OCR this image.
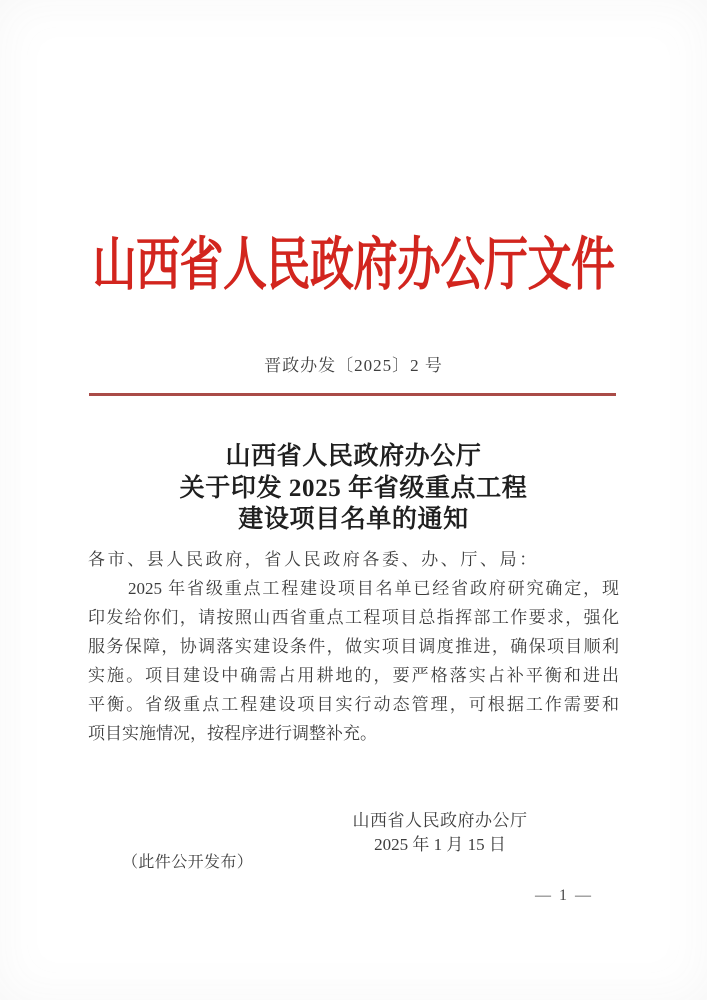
山西省人民政府办公厅文件
晋政办发〔2025〕2 号
山西省人民政府办公厅
关于印发 2025 年省级重点工程
建设项目名单的通知
各市、县人民政府，省人民政府各委、办、厅、局：
2025 年省级重点工程建设项目名单已经省政府研究确定，现
印发给你们，请按照山西省重点工程项目总指挥部工作要求，强化
服务保障，协调落实建设条件，做实项目调度推进，确保项目顺利
实施。项目建设中确需占用耕地的，要严格落实占补平衡和进出
平衡。省级重点工程建设项目实行动态管理，可根据工作需要和
项目实施情况，按程序进行调整补充。
山西省人民政府办公厅
2025 年 1 月 15 日
（此件公开发布）
— 1 —
